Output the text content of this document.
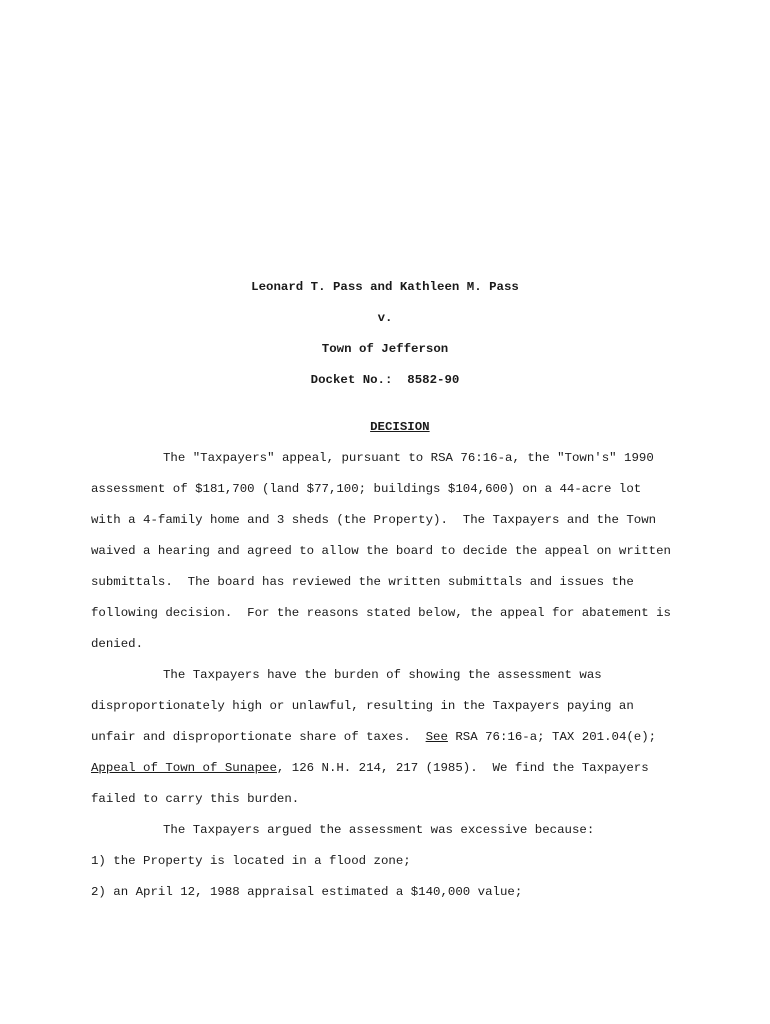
Leonard T. Pass and Kathleen M. Pass
v.
Town of Jefferson
Docket No.:  8582-90

DECISION

The "Taxpayers" appeal, pursuant to RSA 76:16-a, the "Town's" 1990
assessment of $181,700 (land $77,100; buildings $104,600) on a 44-acre lot
with a 4-family home and 3 sheds (the Property).  The Taxpayers and the Town
waived a hearing and agreed to allow the board to decide the appeal on written
submittals.  The board has reviewed the written submittals and issues the
following decision.  For the reasons stated below, the appeal for abatement is
denied.
The Taxpayers have the burden of showing the assessment was
disproportionately high or unlawful, resulting in the Taxpayers paying an
unfair and disproportionate share of taxes.  See RSA 76:16-a; TAX 201.04(e);
Appeal of Town of Sunapee, 126 N.H. 214, 217 (1985).  We find the Taxpayers
failed to carry this burden.
The Taxpayers argued the assessment was excessive because:
1) the Property is located in a flood zone;
2) an April 12, 1988 appraisal estimated a $140,000 value;
